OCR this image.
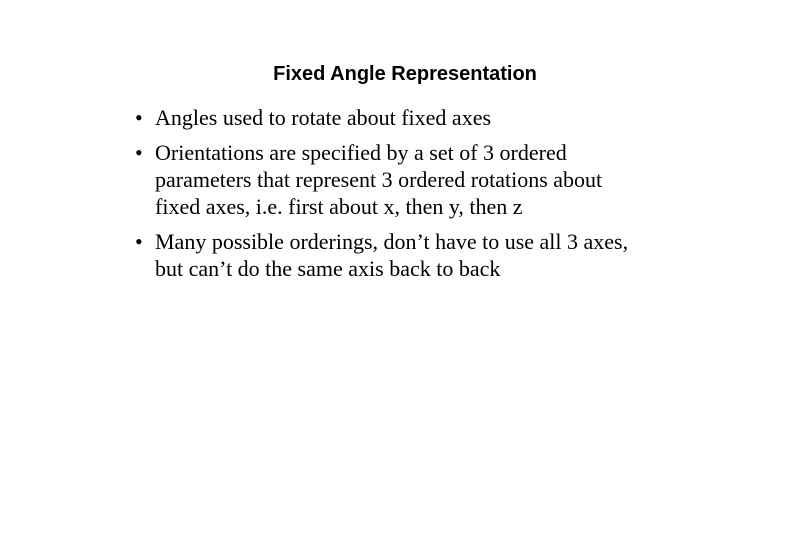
Fixed Angle Representation
• Angles used to rotate about fixed axes
• Orientations are specified by a set of 3 ordered
parameters that represent 3 ordered rotations about
fixed axes, i.e. first about x, then y, then z
• Many possible orderings, don’t have to use all 3 axes,
but can’t do the same axis back to back
